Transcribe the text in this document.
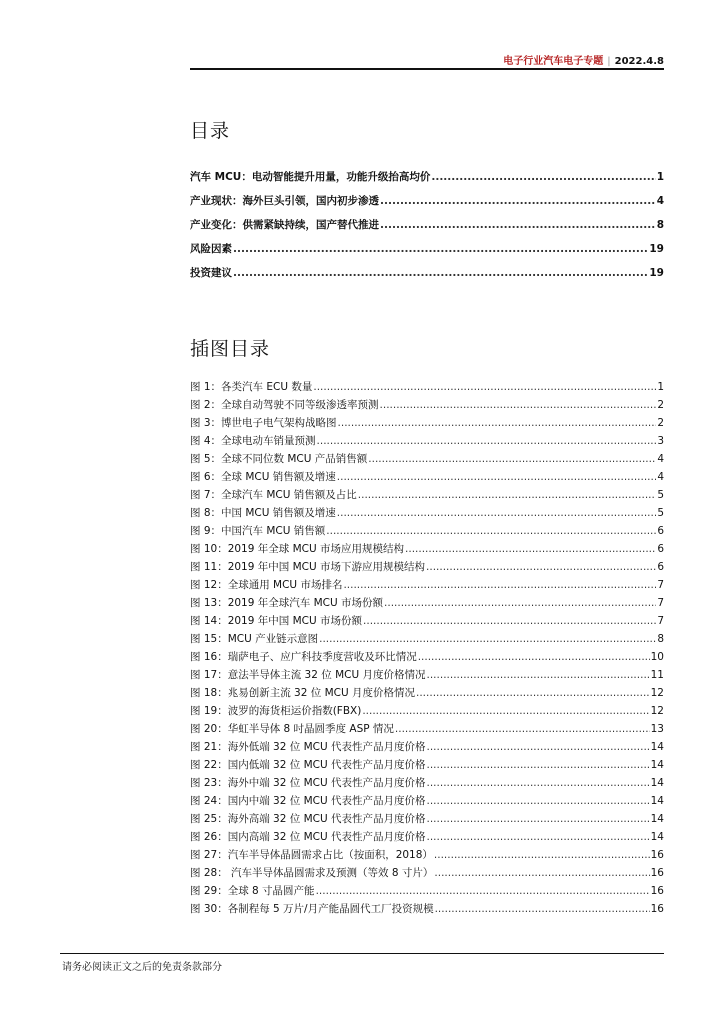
电子行业汽车电子专题 | 2022.4.8
目录
汽车 MCU：电动智能提升用量，功能升级抬高均价 .....	1
产业现状：海外巨头引领，国内初步渗透 .....	4
产业变化：供需紧缺持续，国产替代推进 .....	8
风险因素 .....	19
投资建议 .....	19
插图目录
图 1：各类汽车 ECU 数量 .....	1
图 2：全球自动驾驶不同等级渗透率预测 .....	2
图 3：博世电子电气架构战略图 .....	2
图 4：全球电动车销量预测 .....	3
图 5：全球不同位数 MCU 产品销售额 .....	4
图 6：全球 MCU 销售额及增速 .....	4
图 7：全球汽车 MCU 销售额及占比 .....	5
图 8：中国 MCU 销售额及增速 .....	5
图 9：中国汽车 MCU 销售额 .....	6
图 10：2019 年全球 MCU 市场应用规模结构 .....	6
图 11：2019 年中国 MCU 市场下游应用规模结构 .....	6
图 12：全球通用 MCU 市场排名 .....	7
图 13：2019 年全球汽车 MCU 市场份额 .....	7
图 14：2019 年中国 MCU 市场份额 .....	7
图 15：MCU 产业链示意图 .....	8
图 16：瑞萨电子、应广科技季度营收及环比情况 .....	10
图 17：意法半导体主流 32 位 MCU 月度价格情况 .....	11
图 18：兆易创新主流 32 位 MCU 月度价格情况 .....	12
图 19：波罗的海货柜运价指数(FBX) .....	12
图 20：华虹半导体 8 吋晶圆季度 ASP 情况 .....	13
图 21：海外低端 32 位 MCU 代表性产品月度价格 .....	14
图 22：国内低端 32 位 MCU 代表性产品月度价格 .....	14
图 23：海外中端 32 位 MCU 代表性产品月度价格 .....	14
图 24：国内中端 32 位 MCU 代表性产品月度价格 .....	14
图 25：海外高端 32 位 MCU 代表性产品月度价格 .....	14
图 26：国内高端 32 位 MCU 代表性产品月度价格 .....	14
图 27：汽车半导体晶圆需求占比（按面积，2018） .....	16
图 28： 汽车半导体晶圆需求及预测（等效 8 寸片） .....	16
图 29：全球 8 寸晶圆产能 .....	16
图 30：各制程每 5 万片/月产能晶圆代工厂投资规模 .....	16
请务必阅读正文之后的免责条款部分
